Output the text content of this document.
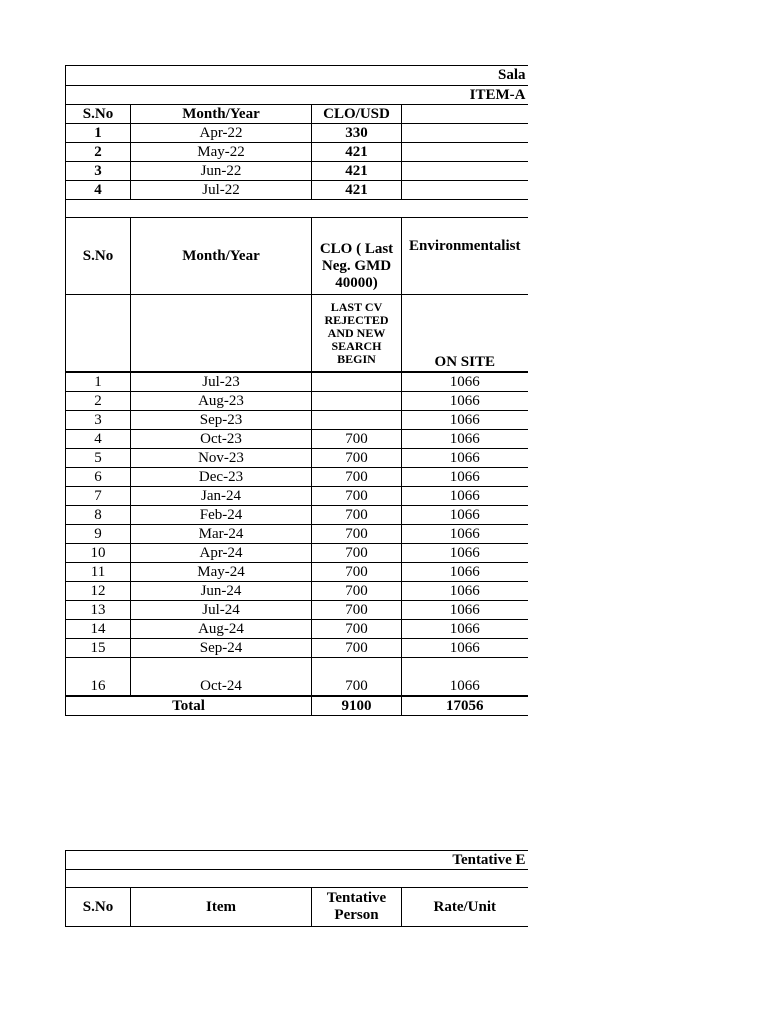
Sala			
ITEM-A			
S.No	Month/Year	CLO/USD	
1	Apr-22	330	
2	May-22	421	
3	Jun-22	421	
4	Jul-22	421	

S.No	Month/Year	CLO ( Last Neg. GMD 40000)	Environmentalist
		LAST CV REJECTED AND NEW SEARCH BEGIN	ON SITE
1	Jul-23		1066
2	Aug-23		1066
3	Sep-23		1066
4	Oct-23	700	1066
5	Nov-23	700	1066
6	Dec-23	700	1066
7	Jan-24	700	1066
8	Feb-24	700	1066
9	Mar-24	700	1066
10	Apr-24	700	1066
11	May-24	700	1066
12	Jun-24	700	1066
13	Jul-24	700	1066
14	Aug-24	700	1066
15	Sep-24	700	1066
16	Oct-24	700	1066
Total	9100	17056
Tentative E

S.No	Item	Tentative Person	Rate/Unit
